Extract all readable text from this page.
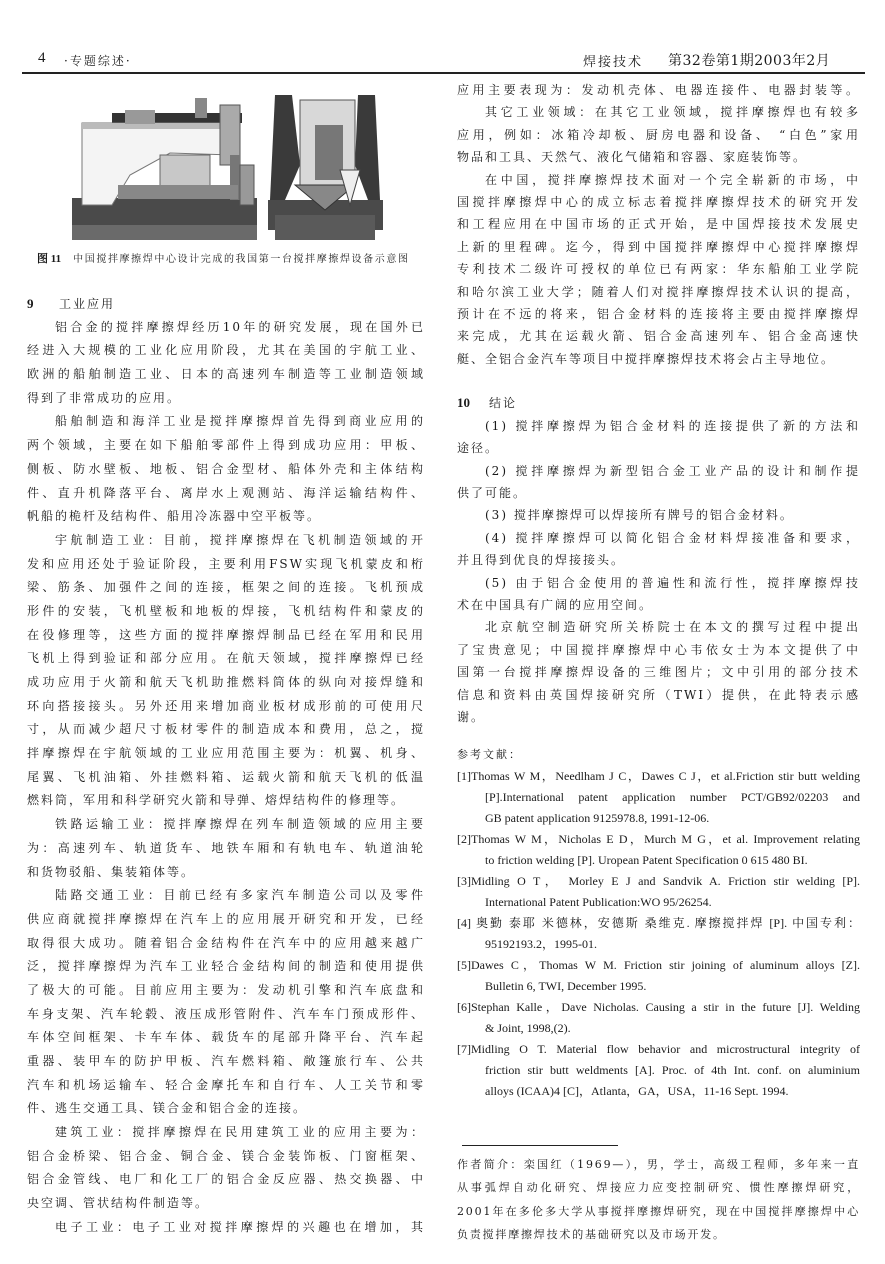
4 ·专题综述·	焊接技术 第32卷第1期2003年2月
图 11 中国搅拌摩擦焊中心设计完成的我国第一台搅拌摩擦焊设备示意图
9 工业应用
铝合金的搅拌摩擦焊经历10年的研究发展，现在国外已
经进入大规模的工业化应用阶段，尤其在美国的宇航工业、
欧洲的船舶制造工业、日本的高速列车制造等工业制造领域
得到了非常成功的应用。
船舶制造和海洋工业是搅拌摩擦焊首先得到商业应用的
两个领域，主要在如下船舶零部件上得到成功应用：甲板、
侧板、防水壁板、地板、铝合金型材、船体外壳和主体结构
件、直升机降落平台、离岸水上观测站、海洋运输结构件、
帆船的桅杆及结构件、船用冷冻器中空平板等。
宇航制造工业：目前，搅拌摩擦焊在飞机制造领域的开
发和应用还处于验证阶段，主要利用FSW实现飞机蒙皮和桁
梁、筋条、加强件之间的连接，框架之间的连接。飞机预成
形件的安装，飞机壁板和地板的焊接，飞机结构件和蒙皮的
在役修理等，这些方面的搅拌摩擦焊制品已经在军用和民用
飞机上得到验证和部分应用。在航天领域，搅拌摩擦焊已经
成功应用于火箭和航天飞机助推燃料筒体的纵向对接焊缝和
环向搭接接头。另外还用来增加商业板材成形前的可使用尺
寸，从而减少超尺寸板材零件的制造成本和费用，总之，搅
拌摩擦焊在宇航领域的工业应用范围主要为：机翼、机身、
尾翼、飞机油箱、外挂燃料箱、运载火箭和航天飞机的低温
燃料筒，军用和科学研究火箭和导弹、熔焊结构件的修理等。
铁路运输工业：搅拌摩擦焊在列车制造领域的应用主要
为：高速列车、轨道货车、地铁车厢和有轨电车、轨道油轮
和货物驳船、集装箱体等。
陆路交通工业：目前已经有多家汽车制造公司以及零件
供应商就搅拌摩擦焊在汽车上的应用展开研究和开发，已经
取得很大成功。随着铝合金结构件在汽车中的应用越来越广
泛，搅拌摩擦焊为汽车工业轻合金结构间的制造和使用提供
了极大的可能。目前应用主要为：发动机引擎和汽车底盘和
车身支架、汽车轮毂、液压成形管附件、汽车车门预成形件、
车体空间框架、卡车车体、载货车的尾部升降平台、汽车起
重器、装甲车的防护甲板、汽车燃料箱、敞篷旅行车、公共
汽车和机场运输车、轻合金摩托车和自行车、人工关节和零
件、逃生交通工具、镁合金和铝合金的连接。
建筑工业：搅拌摩擦焊在民用建筑工业的应用主要为：
铝合金桥梁、铝合金、铜合金、镁合金装饰板、门窗框架、
铝合金管线、电厂和化工厂的铝合金反应器、热交换器、中
央空调、管状结构件制造等。
电子工业：电子工业对搅拌摩擦焊的兴趣也在增加，其
应用主要表现为：发动机壳体、电器连接件、电器封装等。
其它工业领域：在其它工业领域，搅拌摩擦焊也有较多
应用，例如：冰箱冷却板、厨房电器和设备、 “白色”家用
物品和工具、天然气、液化气储箱和容器、家庭装饰等。
在中国，搅拌摩擦焊技术面对一个完全崭新的市场，中
国搅拌摩擦焊中心的成立标志着搅拌摩擦焊技术的研究开发
和工程应用在中国市场的正式开始，是中国焊接技术发展史
上新的里程碑。迄今，得到中国搅拌摩擦焊中心搅拌摩擦焊
专利技术二级许可授权的单位已有两家：华东船舶工业学院
和哈尔滨工业大学；随着人们对搅拌摩擦焊技术认识的提高，
预计在不远的将来，铝合金材料的连接将主要由搅拌摩擦焊
来完成，尤其在运载火箭、铝合金高速列车、铝合金高速快
艇、全铝合金汽车等项目中搅拌摩擦焊技术将会占主导地位。
10 结论
(1) 搅拌摩擦焊为铝合金材料的连接提供了新的方法和
途径。
(2) 搅拌摩擦焊为新型铝合金工业产品的设计和制作提
供了可能。
(3) 搅拌摩擦焊可以焊接所有牌号的铝合金材料。
(4) 搅拌摩擦焊可以简化铝合金材料焊接准备和要求，
并且得到优良的焊接接头。
(5) 由于铝合金使用的普遍性和流行性，搅拌摩擦焊技
术在中国具有广阔的应用空间。
北京航空制造研究所关桥院士在本文的撰写过程中提出
了宝贵意见；中国搅拌摩擦焊中心韦依女士为本文提供了中
国第一台搅拌摩擦焊设备的三维图片；文中引用的部分技术
信息和资料由英国焊接研究所（TWI）提供，在此特表示感
谢。
参考文献：
[1]Thomas W M，Needlham J C，Dawes C J，et al.Friction stir butt welding
[P].International patent application number PCT/GB92/02203 and
GB patent application 9125978.8, 1991-12-06.
[2]Thomas W M，Nicholas E D，Murch M G，et al. Improvement relating
to friction welding [P]. Uropean Patent Specification 0 615 480 BI.
[3]Midling O T， Morley E J and Sandvik A. Friction stir welding [P].
International Patent Publication:WO 95/26254.
[4] 奥勤 泰耶 米德林，安德斯 桑维克. 摩擦搅拌焊 [P]. 中国专利：
95192193.2，1995-01.
[5]Dawes C，Thomas W M. Friction stir joining of aluminum alloys [Z].
Bulletin 6, TWI, December 1995.
[6]Stephan Kalle，Dave Nicholas. Causing a stir in the future [J]. Welding
& Joint, 1998,(2).
[7]Midling O T. Material flow behavior and microstructural integrity of
friction stir butt weldments [A]. Proc. of 4th Int. conf. on aluminium
alloys (ICAA)4 [C]，Atlanta，GA，USA，11-16 Sept. 1994.
作者简介：栾国红（1969—），男，学士，高级工程师，多年来一直
从事弧焊自动化研究、焊接应力应变控制研究、惯性摩擦焊研究，
2001年在多伦多大学从事搅拌摩擦焊研究，现在中国搅拌摩擦焊中心
负责搅拌摩擦焊技术的基础研究以及市场开发。
